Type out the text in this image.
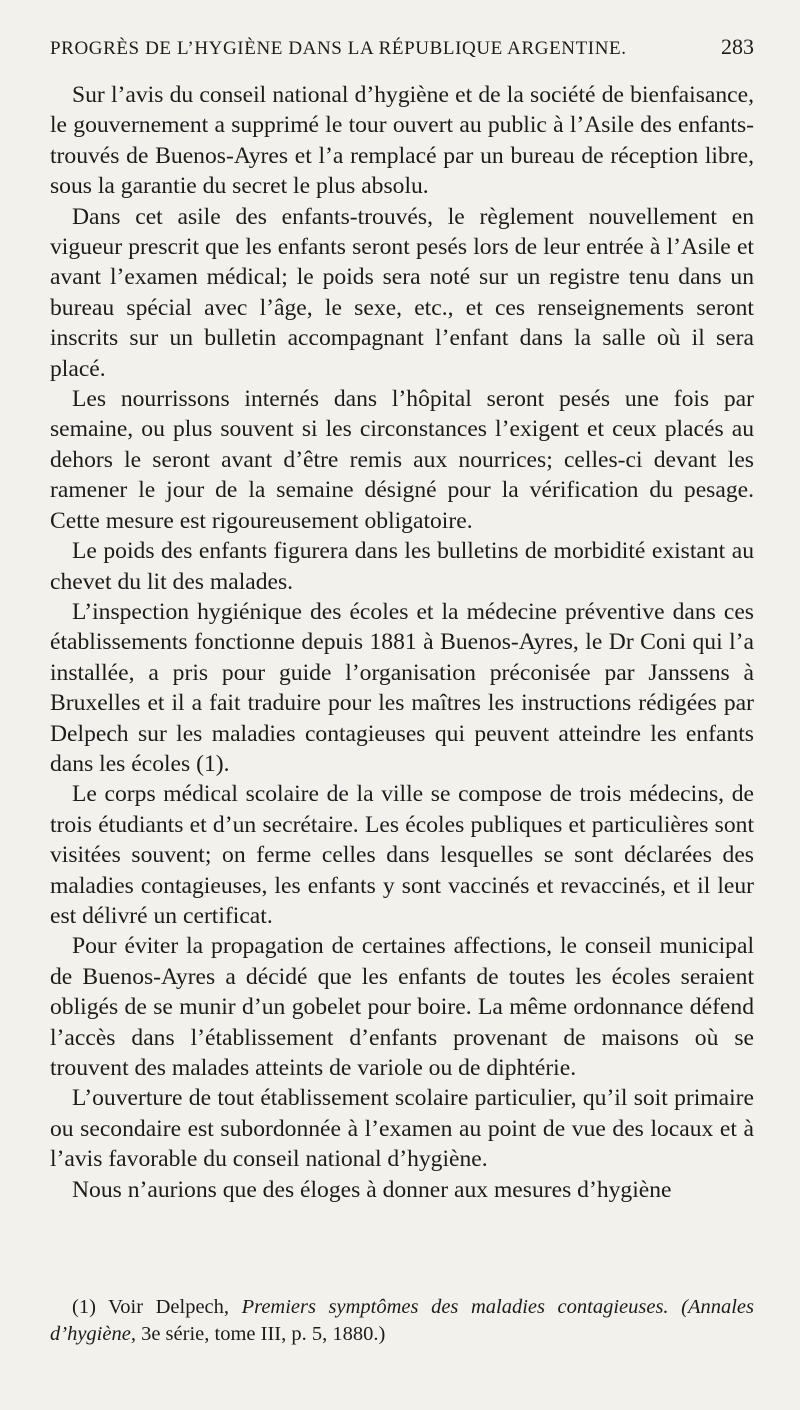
PROGRÈS DE L’HYGIÈNE DANS LA RÉPUBLIQUE ARGENTINE.	283

Sur l’avis du conseil national d’hygiène et de la société de bienfaisance, le gouvernement a supprimé le tour ouvert au public à l’Asile des enfants-trouvés de Buenos-Ayres et l’a remplacé par un bureau de réception libre, sous la garantie du secret le plus absolu.

Dans cet asile des enfants-trouvés, le règlement nouvellement en vigueur prescrit que les enfants seront pesés lors de leur entrée à l’Asile et avant l’examen médical; le poids sera noté sur un registre tenu dans un bureau spécial avec l’âge, le sexe, etc., et ces renseignements seront inscrits sur un bulletin accompagnant l’enfant dans la salle où il sera placé.

Les nourrissons internés dans l’hôpital seront pesés une fois par semaine, ou plus souvent si les circonstances l’exigent et ceux placés au dehors le seront avant d’être remis aux nourrices; celles-ci devant les ramener le jour de la semaine désigné pour la vérification du pesage. Cette mesure est rigoureusement obligatoire.

Le poids des enfants figurera dans les bulletins de morbidité existant au chevet du lit des malades.

L’inspection hygiénique des écoles et la médecine préventive dans ces établissements fonctionne depuis 1881 à Buenos-Ayres, le Dr Coni qui l’a installée, a pris pour guide l’organisation préconisée par Janssens à Bruxelles et il a fait traduire pour les maîtres les instructions rédigées par Delpech sur les maladies contagieuses qui peuvent atteindre les enfants dans les écoles (1).

Le corps médical scolaire de la ville se compose de trois médecins, de trois étudiants et d’un secrétaire. Les écoles publiques et particulières sont visitées souvent; on ferme celles dans lesquelles se sont déclarées des maladies contagieuses, les enfants y sont vaccinés et revaccinés, et il leur est délivré un certificat.

Pour éviter la propagation de certaines affections, le conseil municipal de Buenos-Ayres a décidé que les enfants de toutes les écoles seraient obligés de se munir d’un gobelet pour boire. La même ordonnance défend l’accès dans l’établissement d’enfants provenant de maisons où se trouvent des malades atteints de variole ou de diphtérie.

L’ouverture de tout établissement scolaire particulier, qu’il soit primaire ou secondaire est subordonnée à l’examen au point de vue des locaux et à l’avis favorable du conseil national d’hygiène.

Nous n’aurions que des éloges à donner aux mesures d’hygiène

(1) Voir Delpech, Premiers symptômes des maladies contagieuses. (Annales d’hygiène, 3e série, tome III, p. 5, 1880.)
